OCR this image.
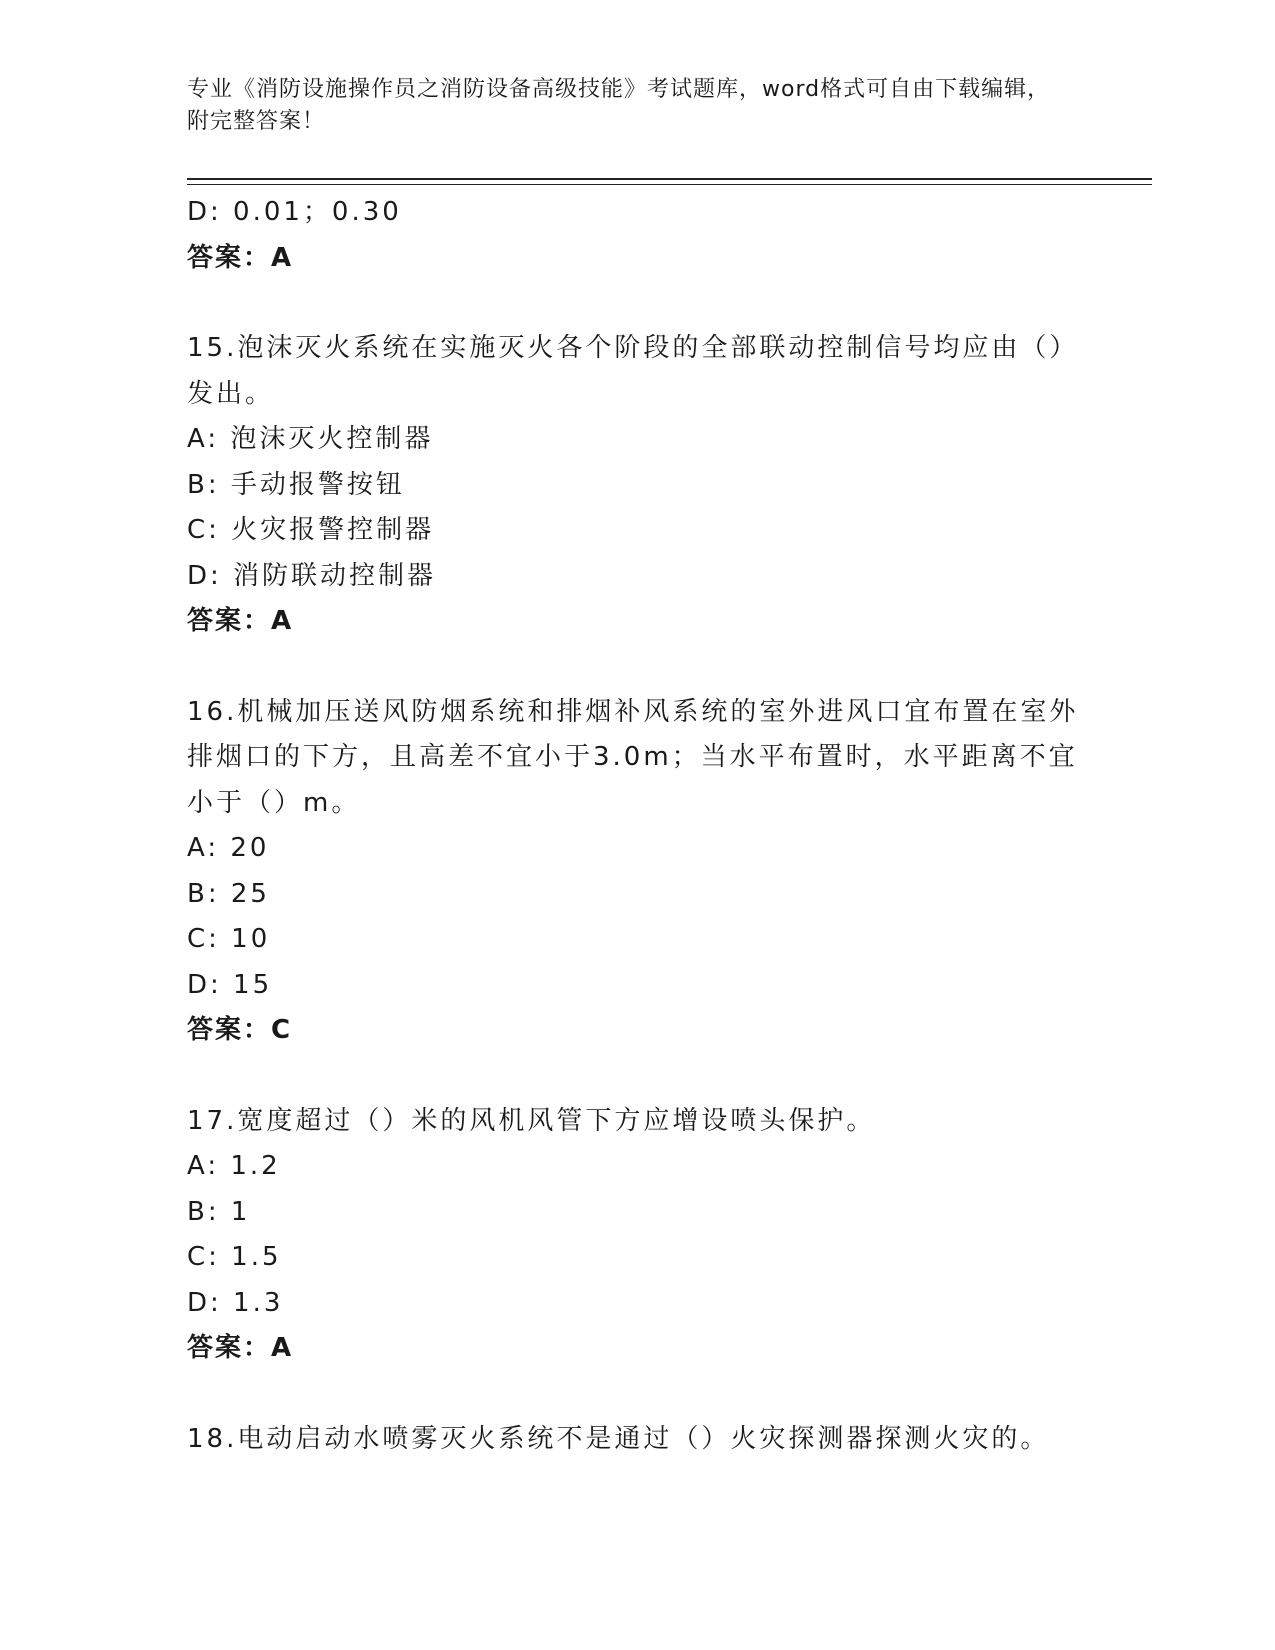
专业《消防设施操作员之消防设备高级技能》考试题库，word格式可自由下载编辑，附完整答案！
D: 0.01；0.30
答案：A
15.泡沫灭火系统在实施灭火各个阶段的全部联动控制信号均应由（）
发出。
A: 泡沫灭火控制器
B: 手动报警按钮
C: 火灾报警控制器
D: 消防联动控制器
答案：A
16.机械加压送风防烟系统和排烟补风系统的室外进风口宜布置在室外
排烟口的下方，且高差不宜小于3.0m；当水平布置时，水平距离不宜
小于（）m。
A: 20
B: 25
C: 10
D: 15
答案：C
17.宽度超过（）米的风机风管下方应增设喷头保护。
A: 1.2
B: 1
C: 1.5
D: 1.3
答案：A
18.电动启动水喷雾灭火系统不是通过（）火灾探测器探测火灾的。
